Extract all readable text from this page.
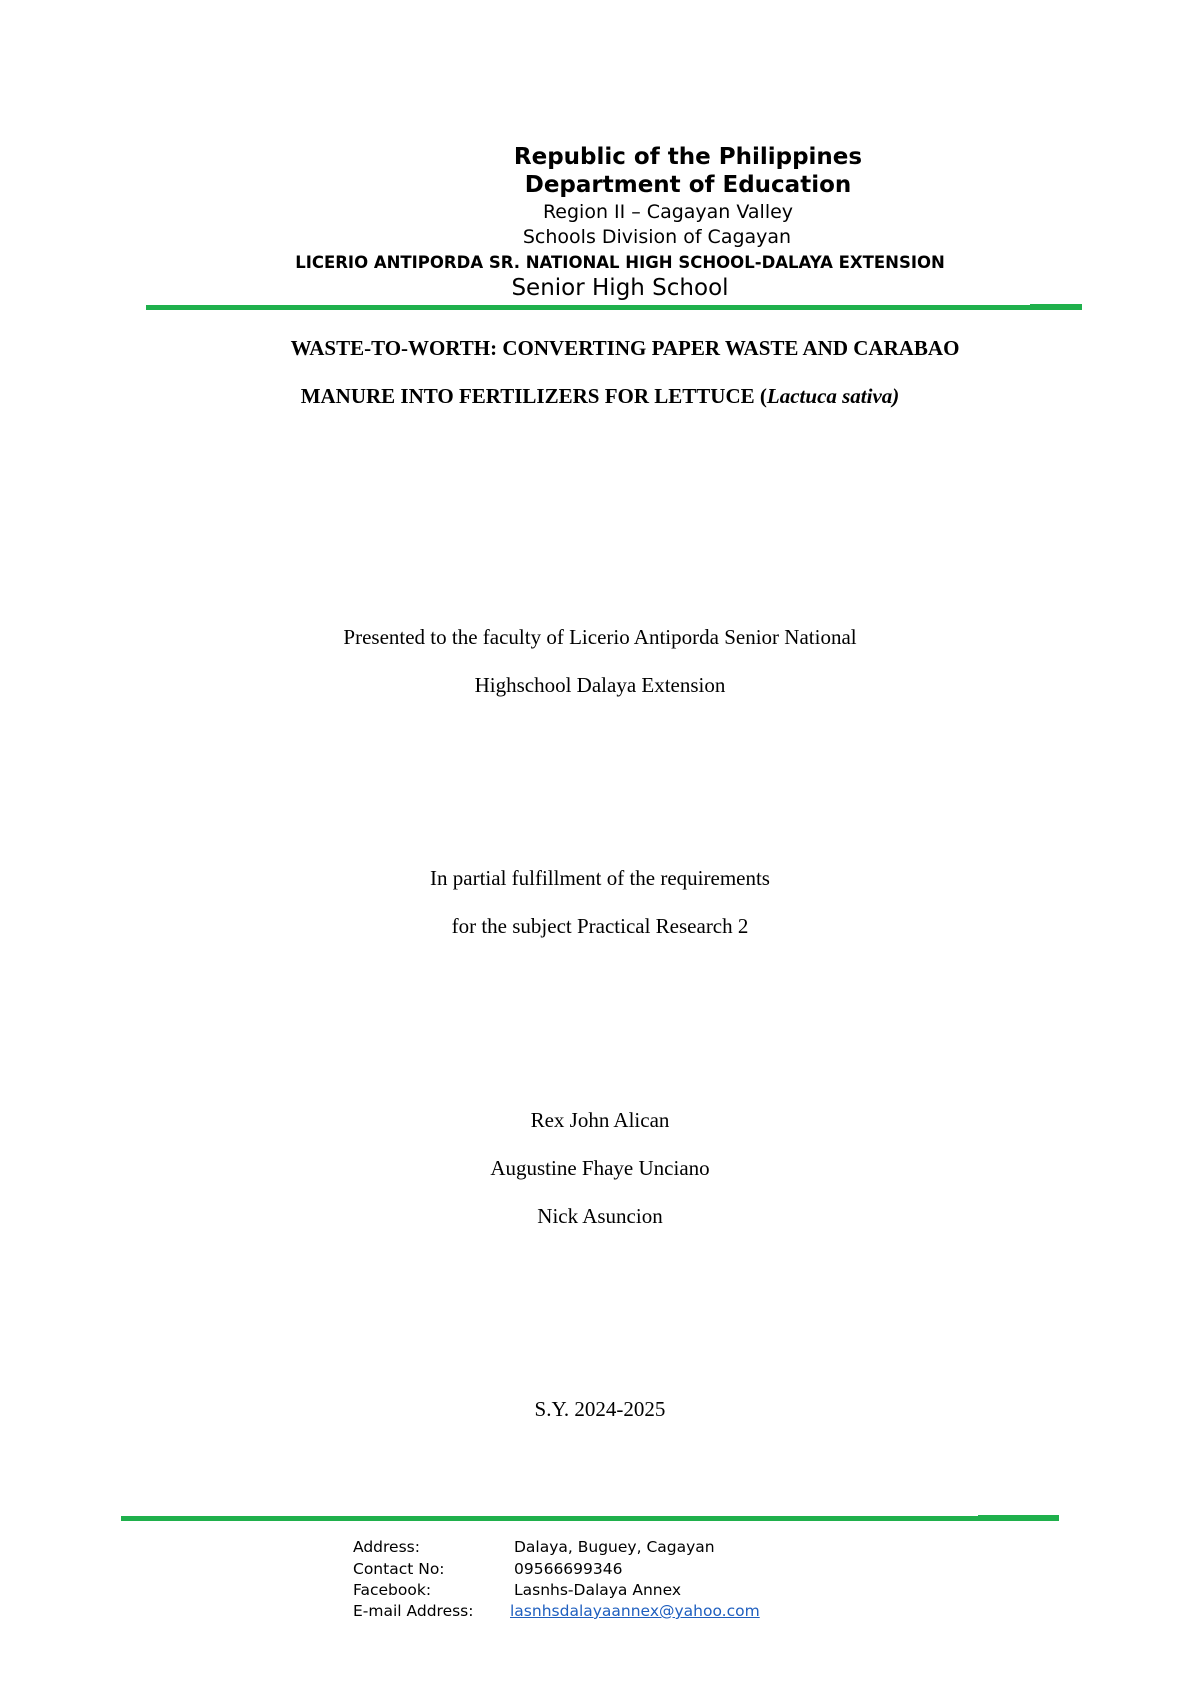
Republic of the Philippines
Department of Education
Region II – Cagayan Valley
Schools Division of Cagayan
LICERIO ANTIPORDA SR. NATIONAL HIGH SCHOOL-DALAYA EXTENSION
Senior High School
WASTE-TO-WORTH: CONVERTING PAPER WASTE AND CARABAO
MANURE INTO FERTILIZERS FOR LETTUCE (Lactuca sativa)
Presented to the faculty of Licerio Antiporda Senior National
Highschool Dalaya Extension
In partial fulfillment of the requirements
for the subject Practical Research 2
Rex John Alican
Augustine Fhaye Unciano
Nick Asuncion
S.Y. 2024-2025
Address:	Dalaya, Buguey, Cagayan
Contact No:	09566699346
Facebook:	Lasnhs-Dalaya Annex
E-mail Address: lasnhsdalayaannex@yahoo.com
